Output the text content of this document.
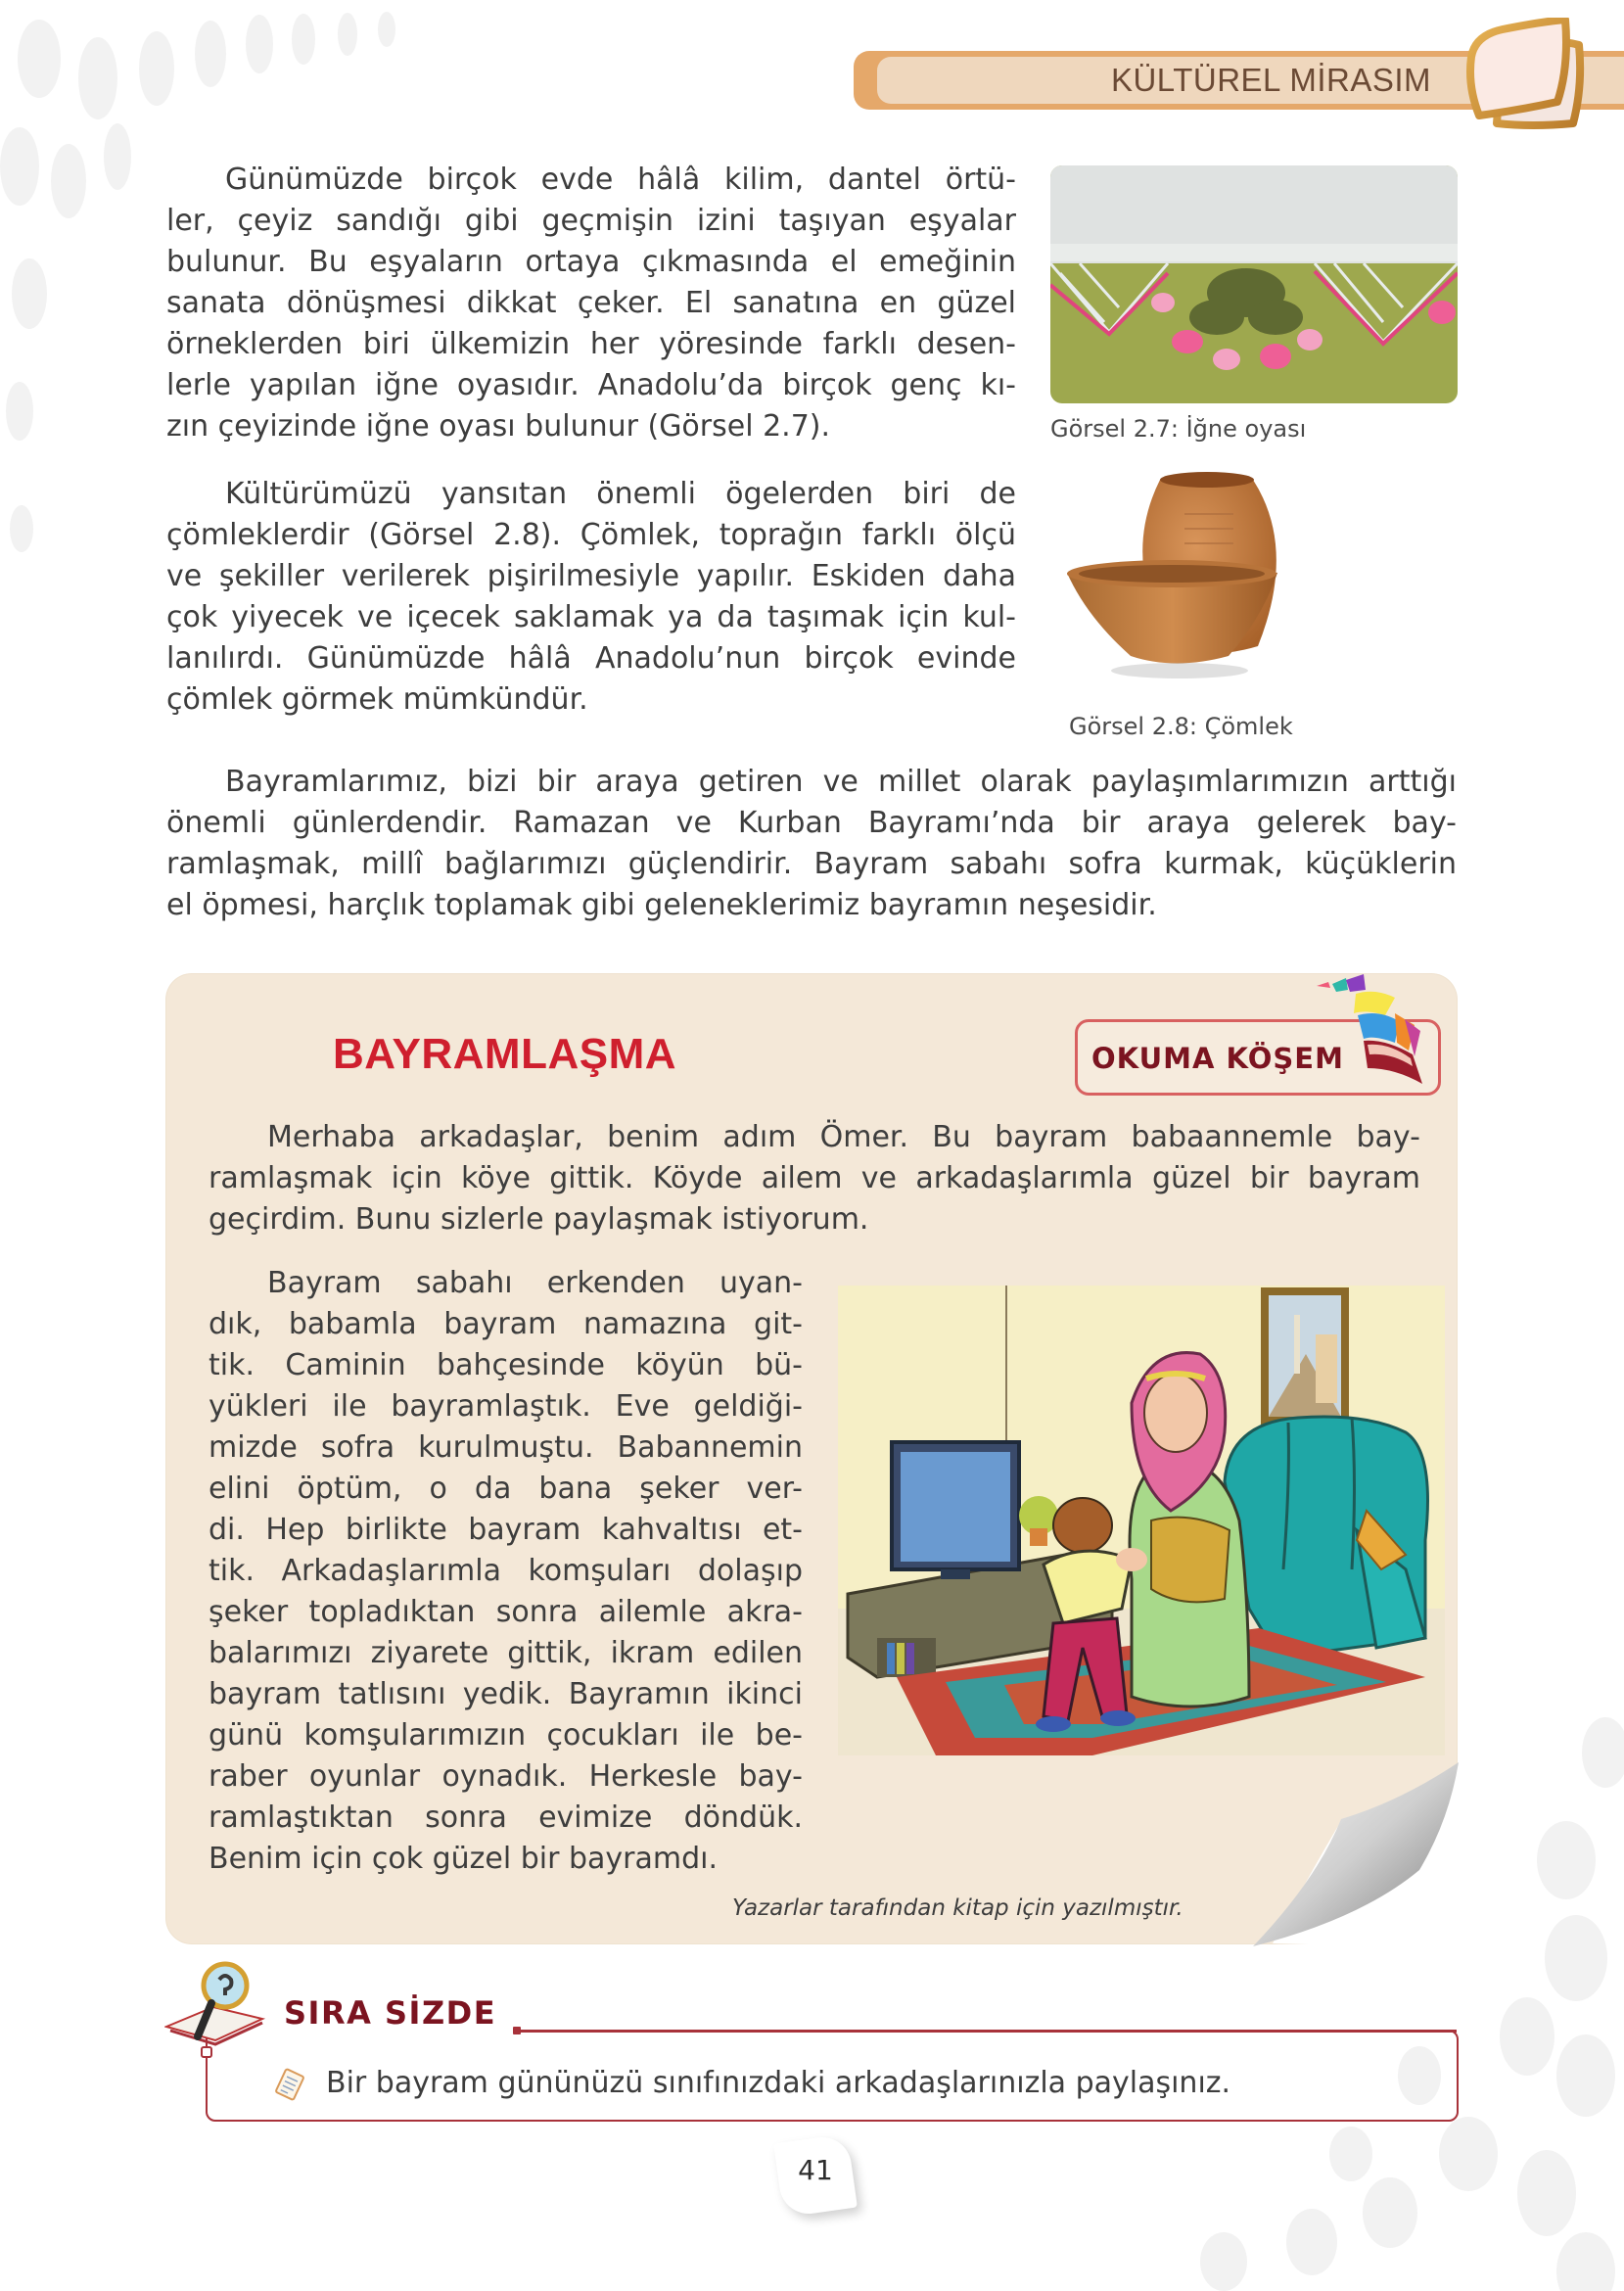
KÜLTÜREL MİRASIM
Günümüzde birçok evde hâlâ kilim, dantel örtü-
ler, çeyiz sandığı gibi geçmişin izini taşıyan eşyalar
bulunur. Bu eşyaların ortaya çıkmasında el emeğinin
sanata dönüşmesi dikkat çeker. El sanatına en güzel
örneklerden biri ülkemizin her yöresinde farklı desen-
lerle yapılan iğne oyasıdır. Anadolu’da birçok genç kı-
zın çeyizinde iğne oyası bulunur (Görsel 2.7).	Görsel 2.7: İğne oyası
Kültürümüzü yansıtan önemli ögelerden biri de
çömleklerdir (Görsel 2.8). Çömlek, toprağın farklı ölçü
ve şekiller verilerek pişirilmesiyle yapılır. Eskiden daha
çok yiyecek ve içecek saklamak ya da taşımak için kul-
lanılırdı. Günümüzde hâlâ Anadolu’nun birçok evinde
çömlek görmek mümkündür.
Görsel 2.8: Çömlek
Bayramlarımız, bizi bir araya getiren ve millet olarak paylaşımlarımızın arttığı
önemli günlerdendir. Ramazan ve Kurban Bayramı’nda bir araya gelerek bay-
ramlaşmak, millî bağlarımızı güçlendirir. Bayram sabahı sofra kurmak, küçüklerin
el öpmesi, harçlık toplamak gibi geleneklerimiz bayramın neşesidir.
BAYRAMLAŞMA	OKUMA KÖŞEM
Merhaba arkadaşlar, benim adım Ömer. Bu bayram babaannemle bay-
ramlaşmak için köye gittik. Köyde ailem ve arkadaşlarımla güzel bir bayram
geçirdim. Bunu sizlerle paylaşmak istiyorum.
Bayram sabahı erkenden uyan-
dık, babamla bayram namazına git-
tik. Caminin bahçesinde köyün bü-
yükleri ile bayramlaştık. Eve geldiği-
mizde sofra kurulmuştu. Babannemin
elini öptüm, o da bana şeker ver-
di. Hep birlikte bayram kahvaltısı et-
tik. Arkadaşlarımla komşuları dolaşıp
şeker topladıktan sonra ailemle akra-
balarımızı ziyarete gittik, ikram edilen
bayram tatlısını yedik. Bayramın ikinci
günü komşularımızın çocukları ile be-
raber oyunlar oynadık. Herkesle bay-
ramlaştıktan sonra evimize döndük.
Benim için çok güzel bir bayramdı.
Yazarlar tarafından kitap için yazılmıştır.
SIRA SİZDE
Bir bayram gününüzü sınıfınızdaki arkadaşlarınızla paylaşınız.
41
